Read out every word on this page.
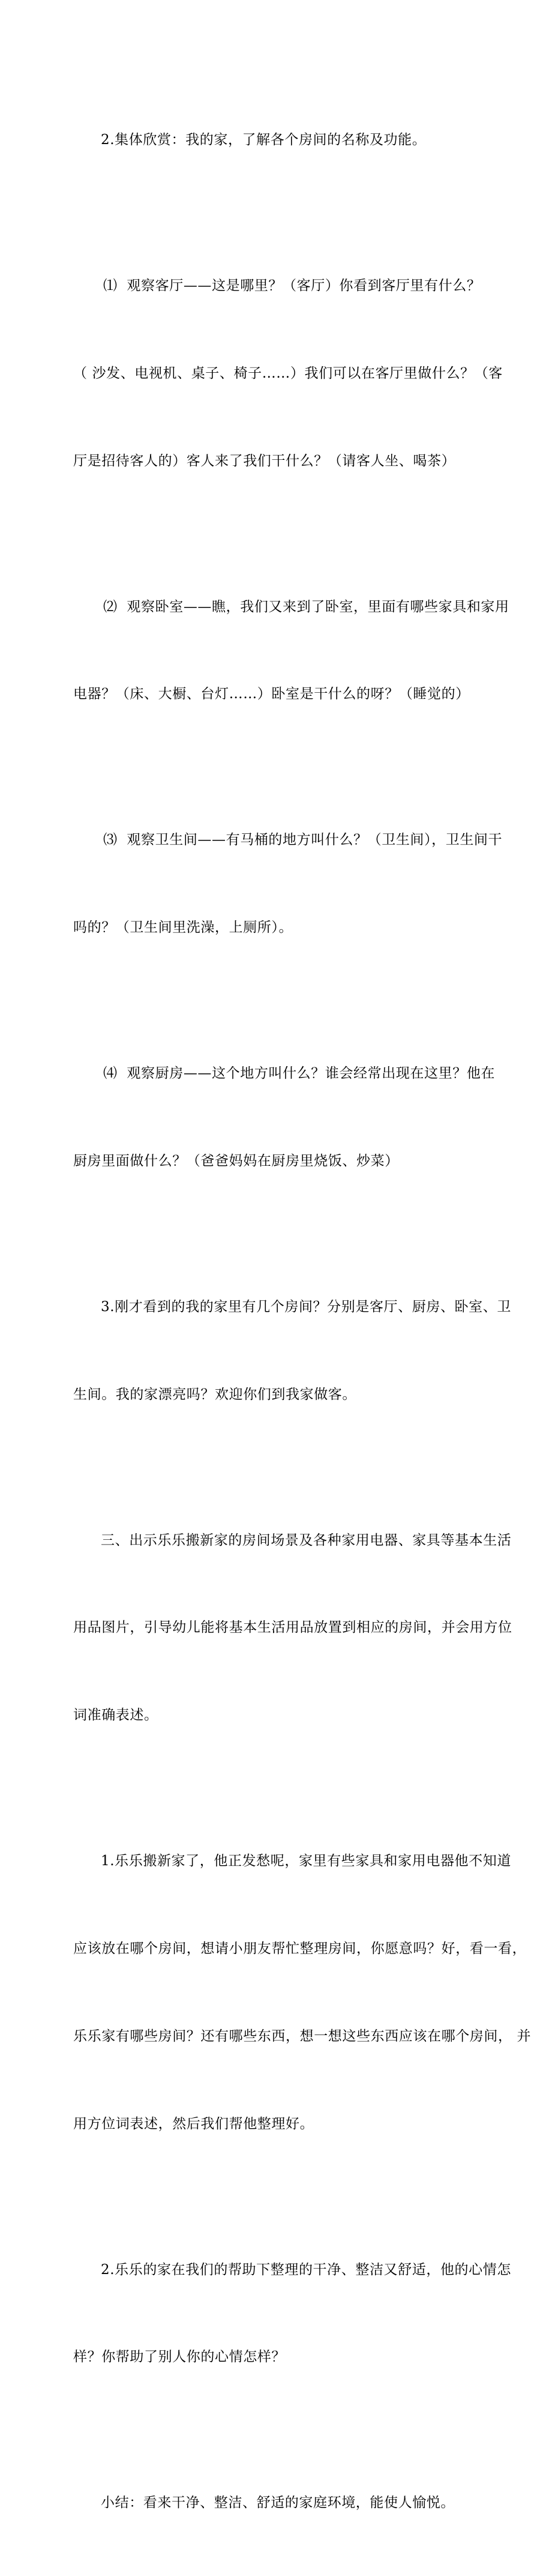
2.集体欣赏：我的家，了解各个房间的名称及功能。

⑴  观察客厅——这是哪里？（客厅）你看到客厅里有什么？

（ 沙发、电视机、桌子、椅子……）我们可以在客厅里做什么？（客

厅是招待客人的）客人来了我们干什么？（请客人坐、喝茶）

⑵  观察卧室——瞧，我们又来到了卧室，里面有哪些家具和家用

电器？（床、大橱、台灯……）卧室是干什么的呀？（睡觉的）

⑶  观察卫生间——有马桶的地方叫什么？（卫生间），卫生间干

吗的？（卫生间里洗澡，上厕所）。

⑷  观察厨房——这个地方叫什么？谁会经常出现在这里？他在

厨房里面做什么？（爸爸妈妈在厨房里烧饭、炒菜）

3.刚才看到的我的家里有几个房间？分别是客厅、厨房、卧室、卫

生间。我的家漂亮吗？欢迎你们到我家做客。

三、出示乐乐搬新家的房间场景及各种家用电器、家具等基本生活

用品图片，引导幼儿能将基本生活用品放置到相应的房间，并会用方位

词准确表述。

1.乐乐搬新家了，他正发愁呢，家里有些家具和家用电器他不知道

应该放在哪个房间，想请小朋友帮忙整理房间，你愿意吗？好，看一看，

乐乐家有哪些房间？还有哪些东西，想一想这些东西应该在哪个房间， 并

用方位词表述，然后我们帮他整理好。

2.乐乐的家在我们的帮助下整理的干净、整洁又舒适，他的心情怎

样？你帮助了别人你的心情怎样？

小结：看来干净、整洁、舒适的家庭环境，能使人愉悦。
